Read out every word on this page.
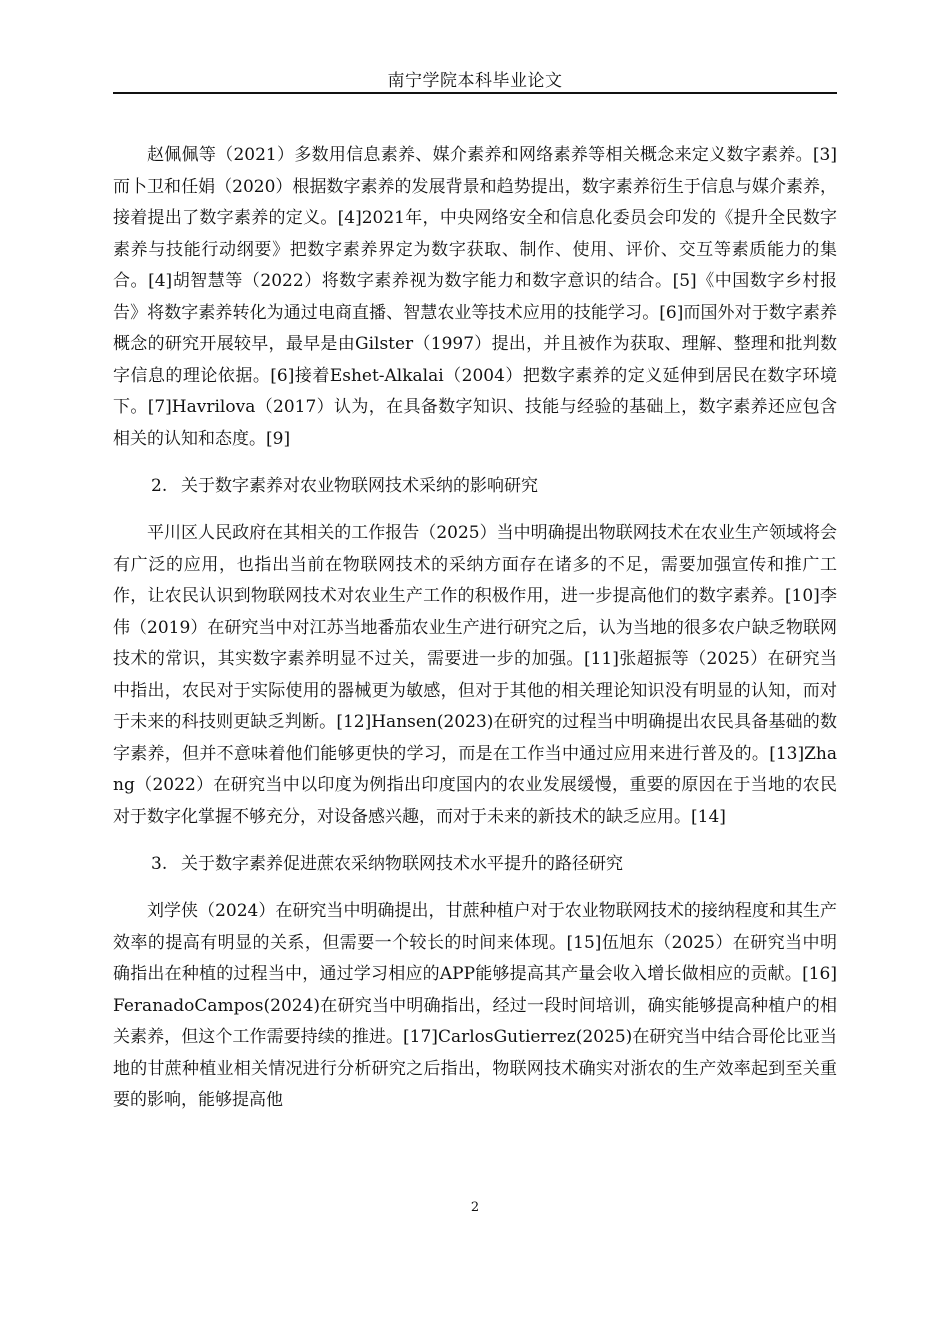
南宁学院本科毕业论文

赵佩佩等（2021）多数用信息素养、媒介素养和网络素养等相关概念来定义数字素养。[3]而卜卫和任娟（2020）根据数字素养的发展背景和趋势提出，数字素养衍生于信息与媒介素养，接着提出了数字素养的定义。[4]2021年，中央网络安全和信息化委员会印发的《提升全民数字素养与技能行动纲要》把数字素养界定为数字获取、制作、使用、评价、交互等素质能力的集合。[4]胡智慧等（2022）将数字素养视为数字能力和数字意识的结合。[5]《中国数字乡村报告》将数字素养转化为通过电商直播、智慧农业等技术应用的技能学习。[6]而国外对于数字素养概念的研究开展较早，最早是由Gilster（1997）提出，并且被作为获取、理解、整理和批判数字信息的理论依据。[6]接着Eshet-Alkalai（2004）把数字素养的定义延伸到居民在数字环境下。[7]Havrilova（2017）认为，在具备数字知识、技能与经验的基础上，数字素养还应包含相关的认知和态度。[9]

2. 关于数字素养对农业物联网技术采纳的影响研究

平川区人民政府在其相关的工作报告（2025）当中明确提出物联网技术在农业生产领域将会有广泛的应用，也指出当前在物联网技术的采纳方面存在诸多的不足，需要加强宣传和推广工作，让农民认识到物联网技术对农业生产工作的积极作用，进一步提高他们的数字素养。[10]李伟（2019）在研究当中对江苏当地番茄农业生产进行研究之后，认为当地的很多农户缺乏物联网技术的常识，其实数字素养明显不过关，需要进一步的加强。[11]张超振等（2025）在研究当中指出，农民对于实际使用的器械更为敏感，但对于其他的相关理论知识没有明显的认知，而对于未来的科技则更缺乏判断。[12]Hansen(2023)在研究的过程当中明确提出农民具备基础的数字素养，但并不意味着他们能够更快的学习，而是在工作当中通过应用来进行普及的。[13]Zhang（2022）在研究当中以印度为例指出印度国内的农业发展缓慢，重要的原因在于当地的农民对于数字化掌握不够充分，对设备感兴趣，而对于未来的新技术的缺乏应用。[14]

3. 关于数字素养促进蔗农采纳物联网技术水平提升的路径研究

刘学侠（2024）在研究当中明确提出，甘蔗种植户对于农业物联网技术的接纳程度和其生产效率的提高有明显的关系，但需要一个较长的时间来体现。[15]伍旭东（2025）在研究当中明确指出在种植的过程当中，通过学习相应的APP能够提高其产量会收入增长做相应的贡献。[16]FeranadoCampos(2024)在研究当中明确指出，经过一段时间培训，确实能够提高种植户的相关素养，但这个工作需要持续的推进。[17]CarlosGutierrez(2025)在研究当中结合哥伦比亚当地的甘蔗种植业相关情况进行分析研究之后指出，物联网技术确实对浙农的生产效率起到至关重要的影响，能够提高他

2
